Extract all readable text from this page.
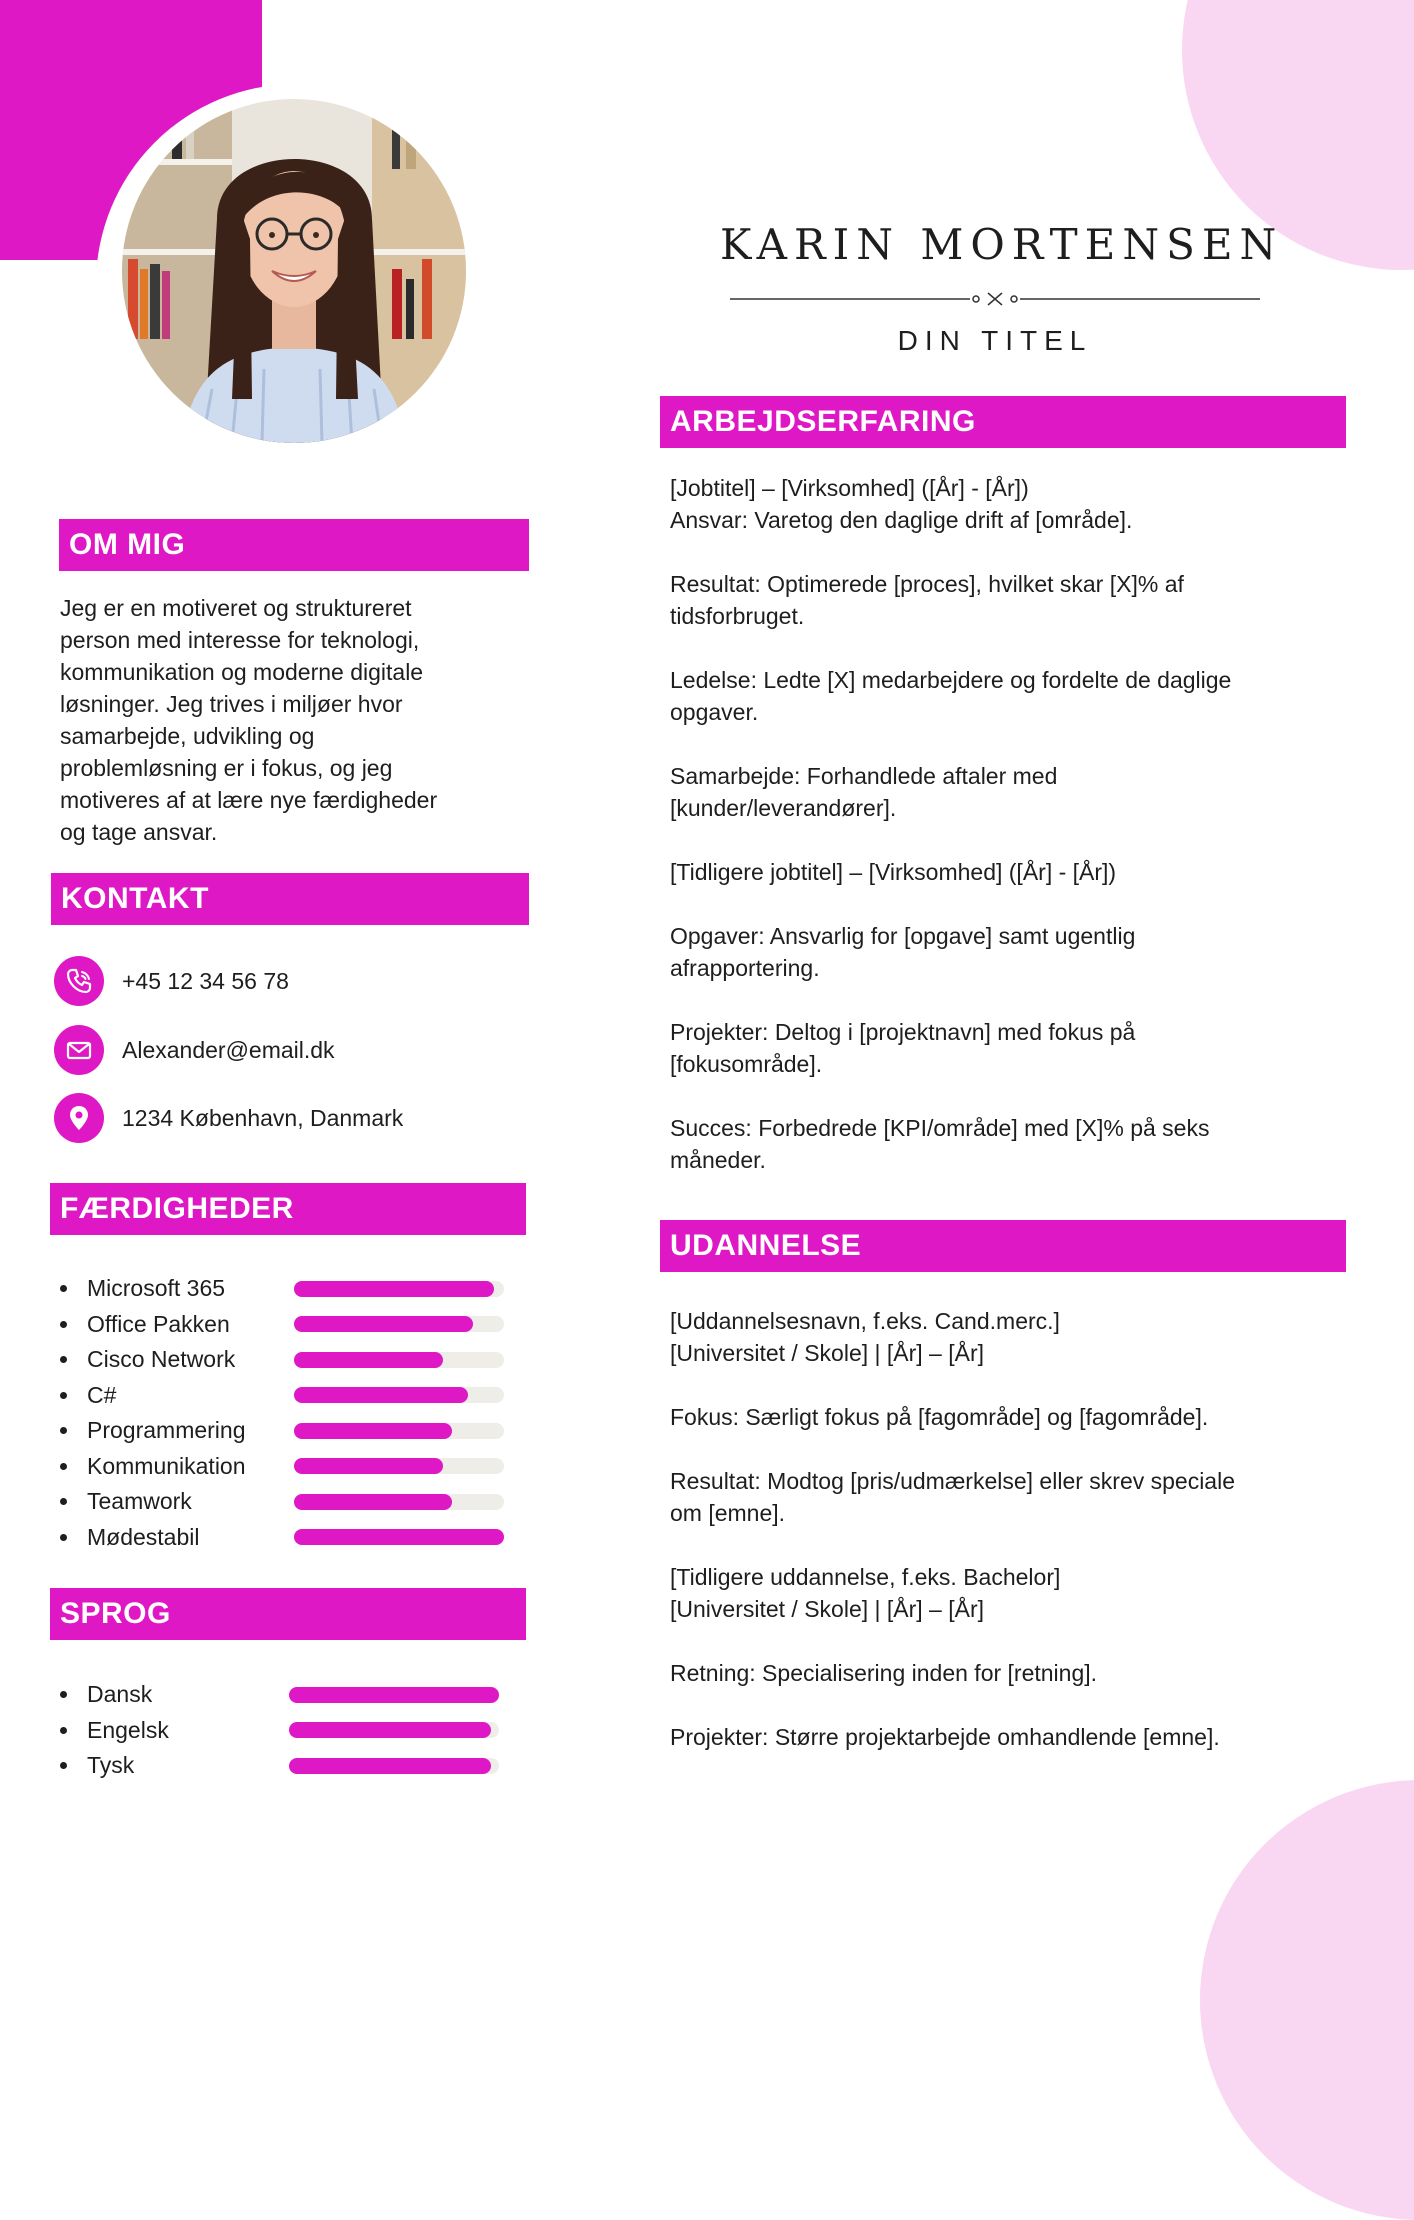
KARIN MORTENSEN
DIN TITEL
OM MIG

Jeg er en motiveret og struktureret

person med interesse for teknologi,

kommunikation og moderne digitale

løsninger. Jeg trives i miljøer hvor

samarbejde, udvikling og

problemløsning er i fokus, og jeg

motiveres af at lære nye færdigheder

og tage ansvar.

KONTAKT
+45 12 34 56 78
Alexander@email.dk
1234 København, Danmark
FÆRDIGHEDER
Microsoft 365
Office Pakken
Cisco Network
C#
Programmering
Kommunikation
Teamwork
Mødestabil
SPROG
Dansk
Engelsk
Tysk
ARBEJDSERFARING

[Jobtitel] – [Virksomhed] ([År] - [År])

Ansvar: Varetog den daglige drift af [område].

Resultat: Optimerede [proces], hvilket skar [X]% af

tidsforbruget.

Ledelse: Ledte [X] medarbejdere og fordelte de daglige

opgaver.

Samarbejde: Forhandlede aftaler med

[kunder/leverandører].

[Tidligere jobtitel] – [Virksomhed] ([År] - [År])

Opgaver: Ansvarlig for [opgave] samt ugentlig

afrapportering.

Projekter: Deltog i [projektnavn] med fokus på

[fokusområde].

Succes: Forbedrede [KPI/område] med [X]% på seks

måneder.

UDANNELSE

[Uddannelsesnavn, f.eks. Cand.merc.]

[Universitet / Skole] | [År] – [År]

Fokus: Særligt fokus på [fagområde] og [fagområde].

Resultat: Modtog [pris/udmærkelse] eller skrev speciale

om [emne].

[Tidligere uddannelse, f.eks. Bachelor]

[Universitet / Skole] | [År] – [År]

Retning: Specialisering inden for [retning].

Projekter: Større projektarbejde omhandlende [emne].
